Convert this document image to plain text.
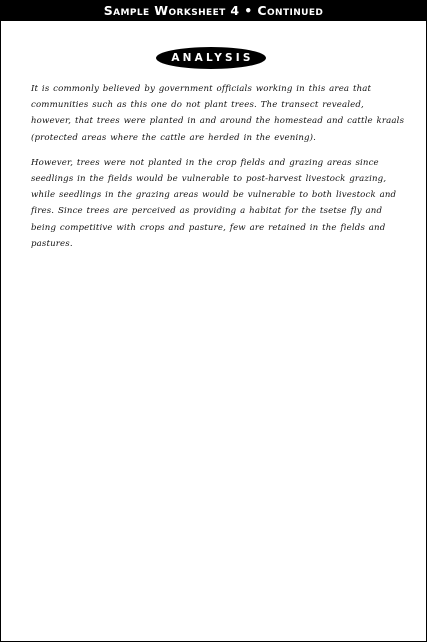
Sample Worksheet 4 • Continued
ANALYSIS

It is commonly believed by government officials working in this area that communities such as this one do not plant trees. The transect revealed, however, that trees were planted in and around the homestead and cattle kraals (protected areas where the cattle are herded in the evening).

However, trees were not planted in the crop fields and grazing areas since seedlings in the fields would be vulnerable to post-harvest livestock grazing, while seedlings in the grazing areas would be vulnerable to both livestock and fires. Since trees are perceived as providing a habitat for the tsetse fly and being competitive with crops and pasture, few are retained in the fields and pastures.
